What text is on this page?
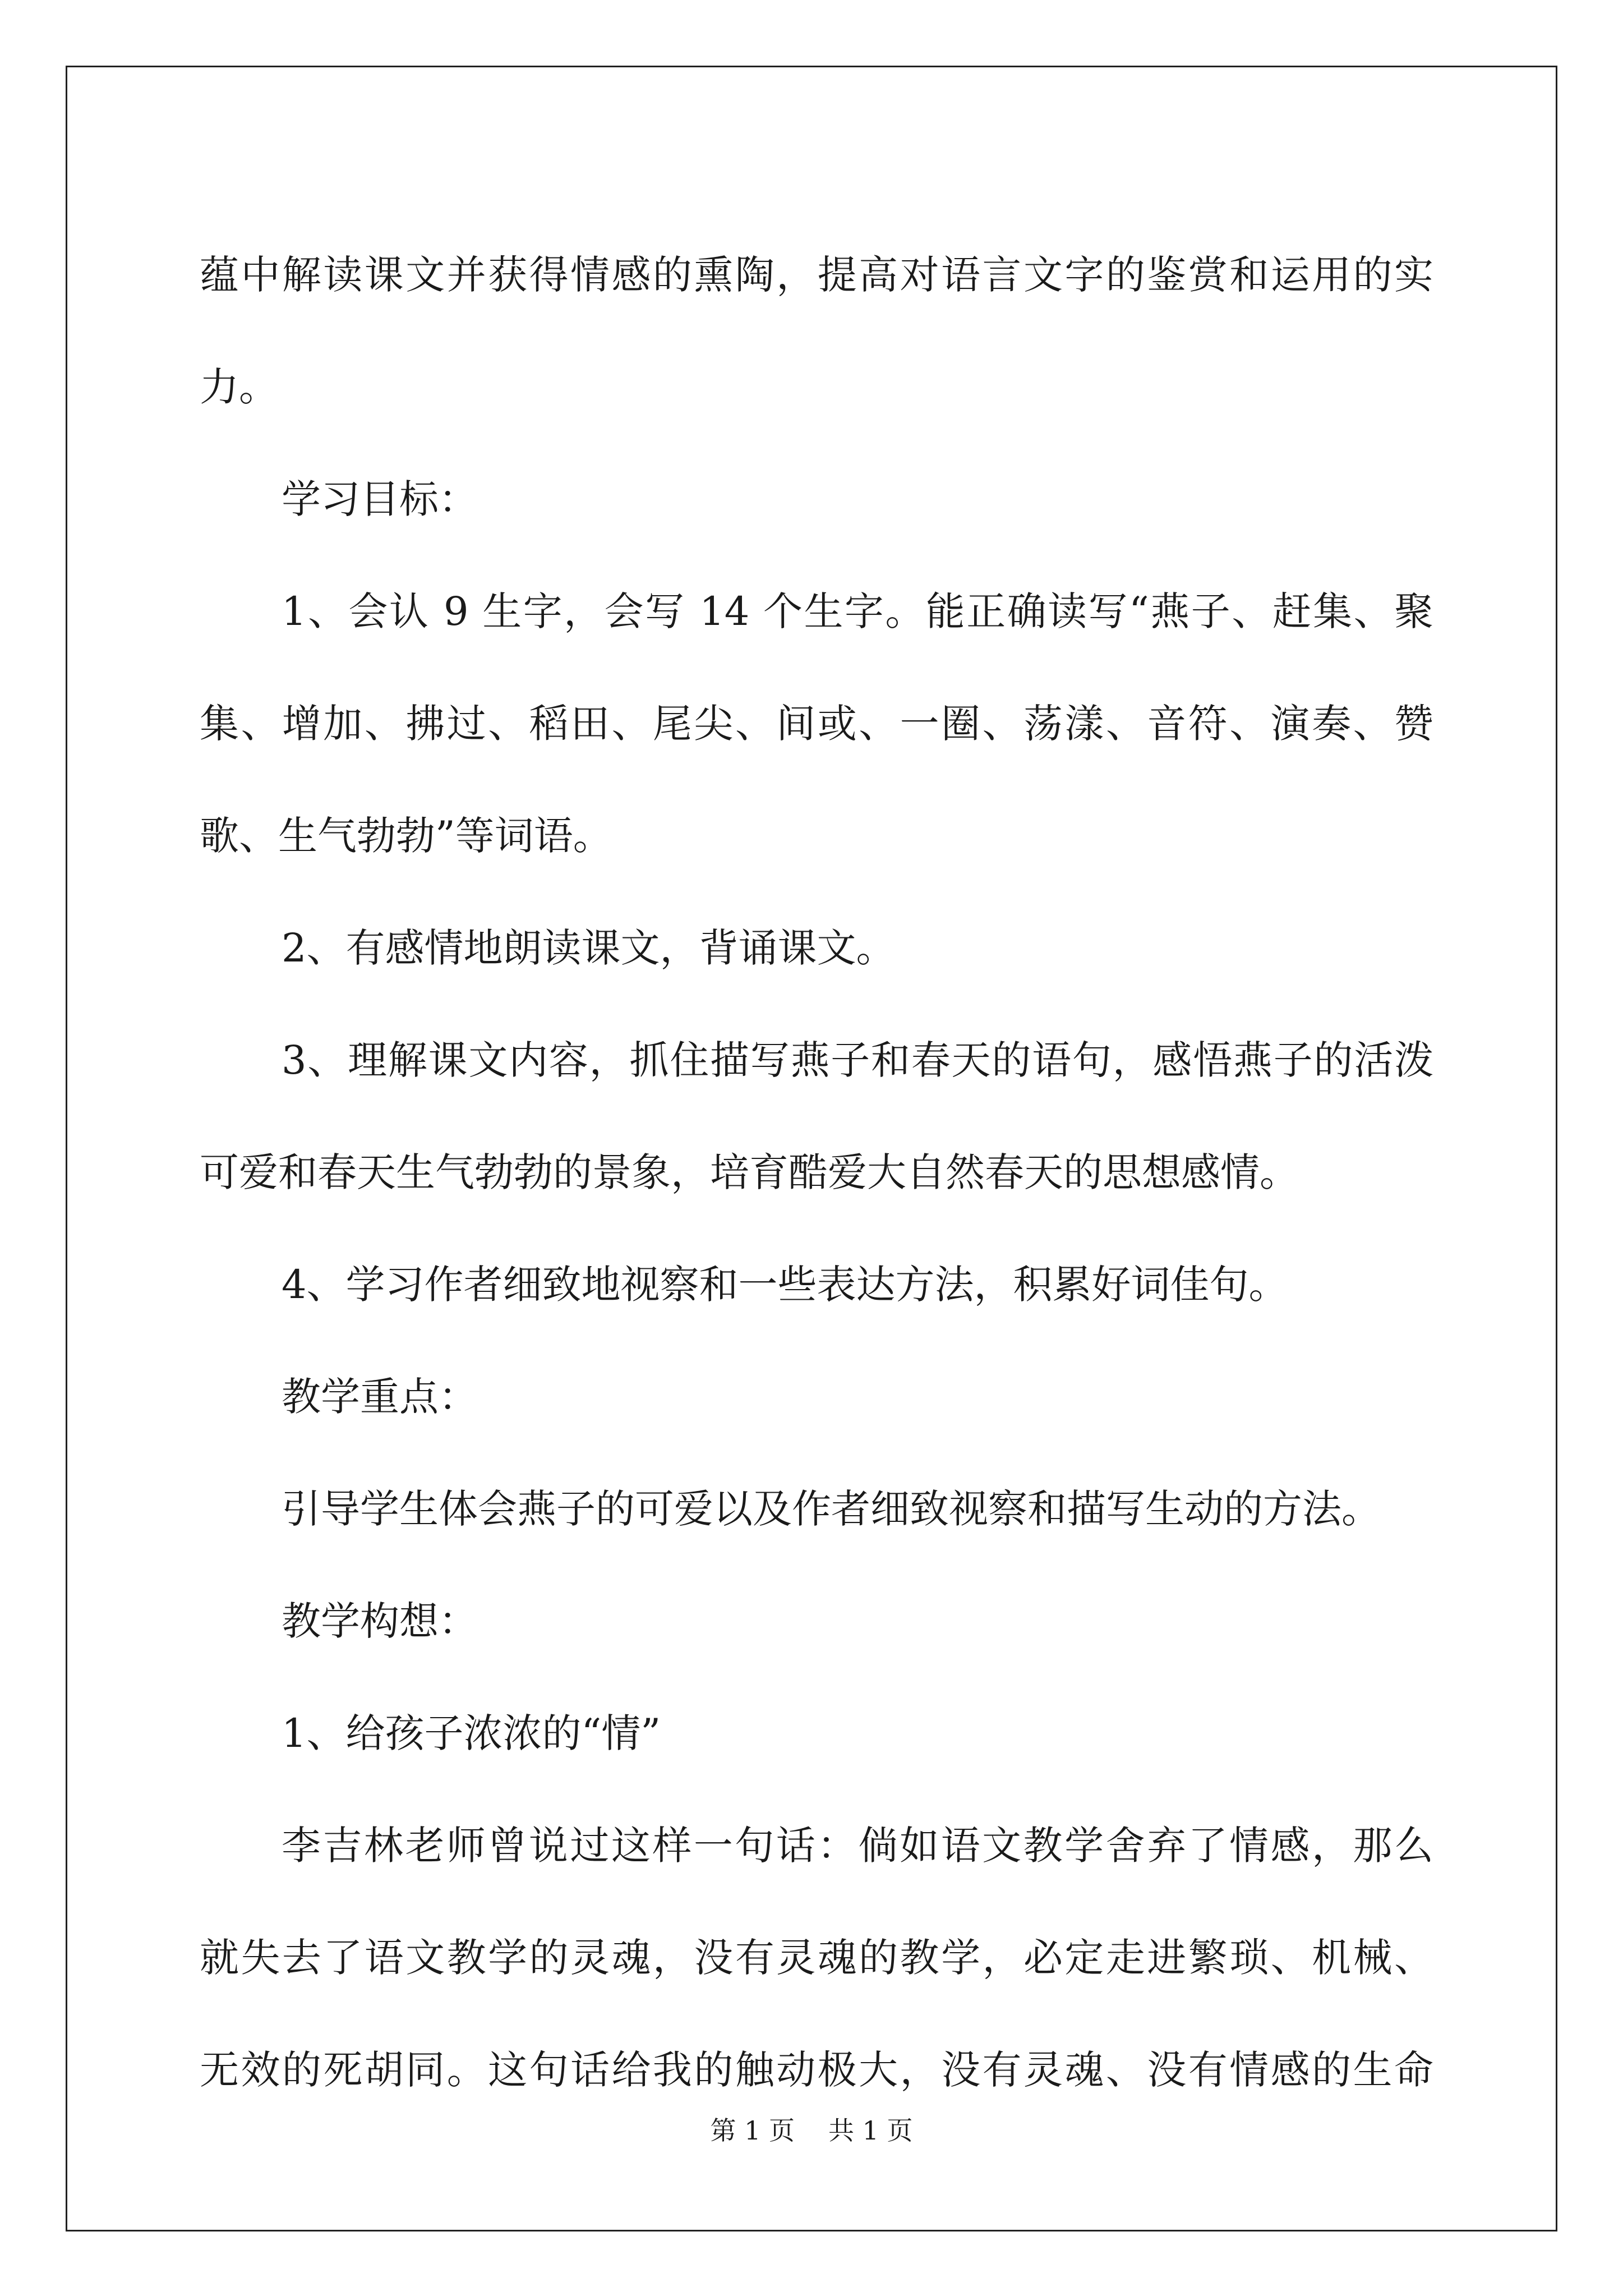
蕴中解读课文并获得情感的熏陶，提高对语言文字的鉴赏和运用的实
力。
学习目标：
1、会认 9 生字，会写 14 个生字。能正确读写“燕子、赶集、聚
集、增加、拂过、稻田、尾尖、间或、一圈、荡漾、音符、演奏、赞
歌、生气勃勃”等词语。
2、有感情地朗读课文，背诵课文。
3、理解课文内容，抓住描写燕子和春天的语句，感悟燕子的活泼
可爱和春天生气勃勃的景象，培育酷爱大自然春天的思想感情。
4、学习作者细致地视察和一些表达方法，积累好词佳句。
教学重点：
引导学生体会燕子的可爱以及作者细致视察和描写生动的方法。
教学构想：
1、给孩子浓浓的“情”
李吉林老师曾说过这样一句话：倘如语文教学舍弃了情感，那么
就失去了语文教学的灵魂，没有灵魂的教学，必定走进繁琐、机械、
无效的死胡同。这句话给我的触动极大，没有灵魂、没有情感的生命
第 1 页 共 1 页
